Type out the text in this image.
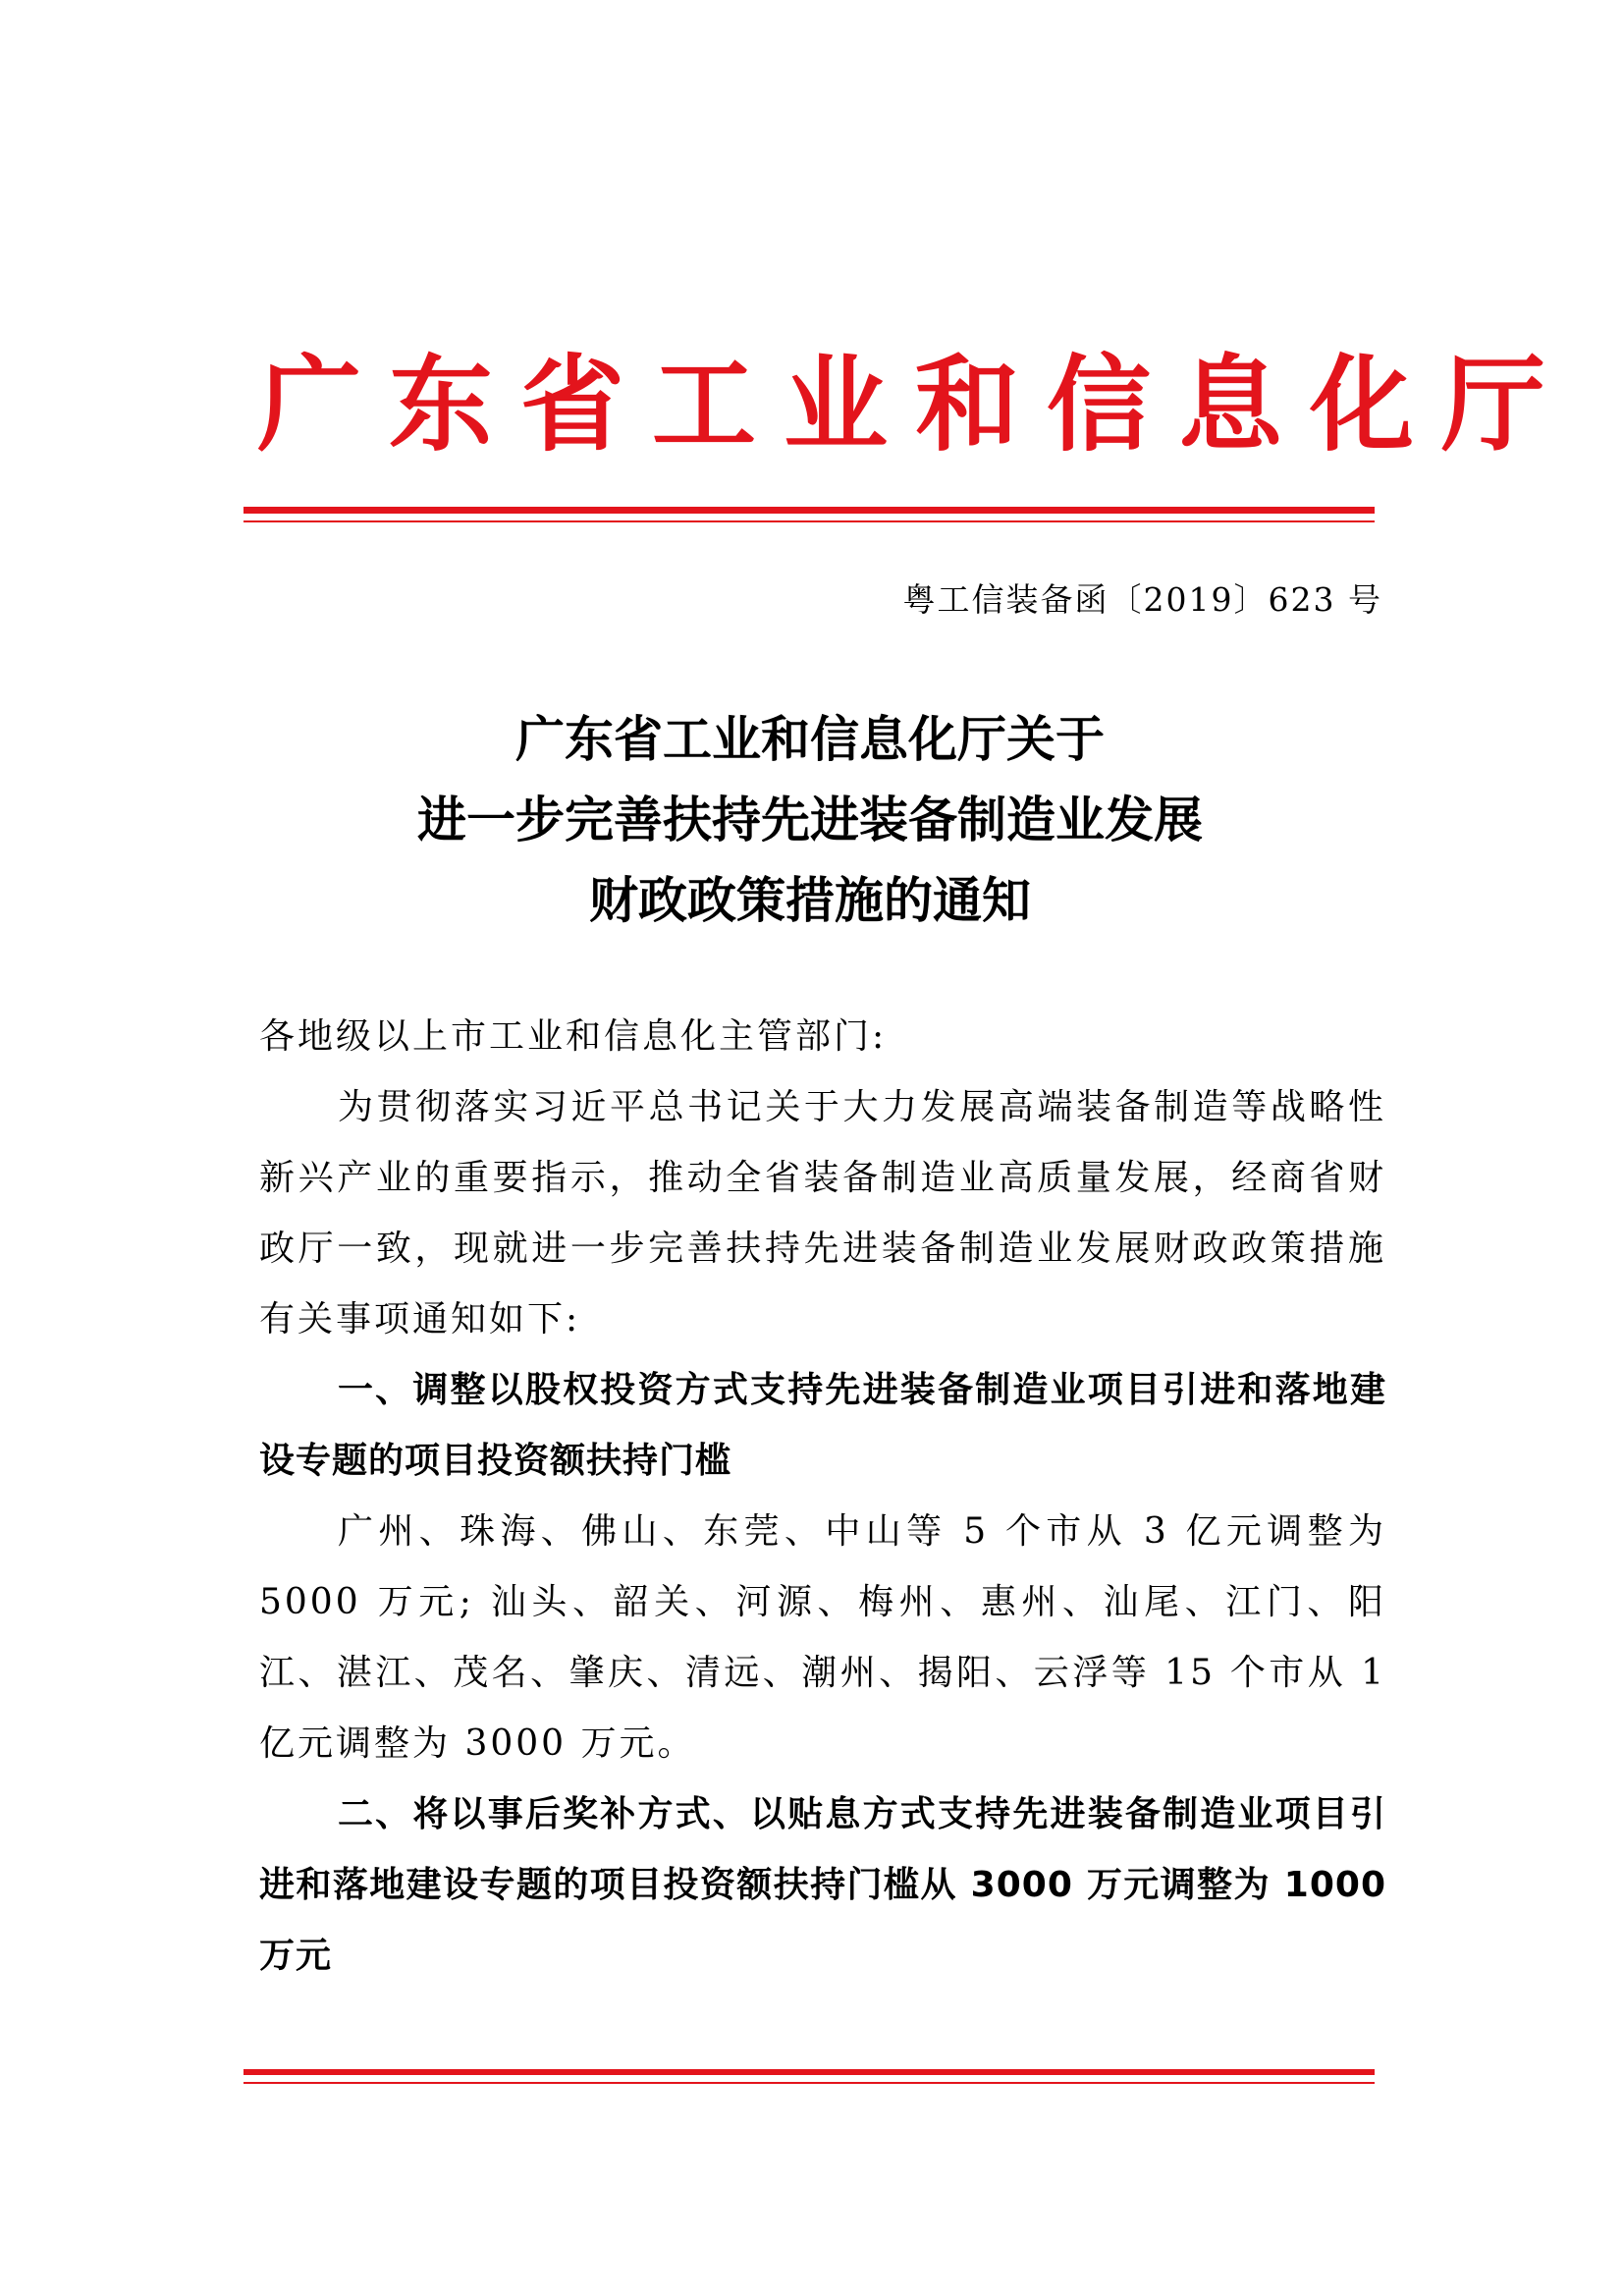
广东省工业和信息化厅
粤工信装备函〔2019〕623 号
广东省工业和信息化厅关于
进一步完善扶持先进装备制造业发展
财政政策措施的通知

各地级以上市工业和信息化主管部门:

为贯彻落实习近平总书记关于大力发展高端装备制造等战略性新兴产业的重要指示，推动全省装备制造业高质量发展，经商省财政厅一致，现就进一步完善扶持先进装备制造业发展财政政策措施有关事项通知如下:

一、调整以股权投资方式支持先进装备制造业项目引进和落地建设专题的项目投资额扶持门槛

广州、珠海、佛山、东莞、中山等 5 个市从 3 亿元调整为 5000 万元; 汕头、韶关、河源、梅州、惠州、汕尾、江门、阳江、湛江、茂名、肇庆、清远、潮州、揭阳、云浮等 15 个市从 1 亿元调整为 3000 万元。

二、将以事后奖补方式、以贴息方式支持先进装备制造业项目引进和落地建设专题的项目投资额扶持门槛从 3000 万元调整为 1000 万元
